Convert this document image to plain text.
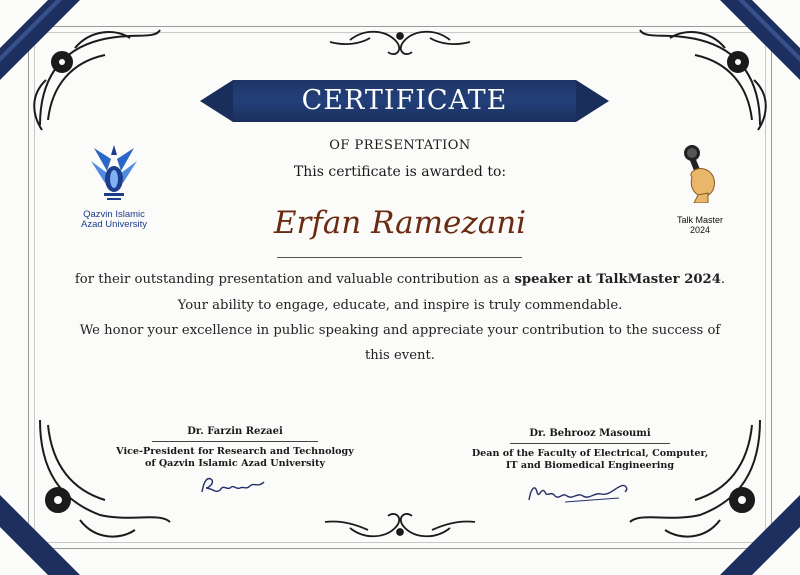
CERTIFICATE
OF PRESENTATION
This certificate is awarded to:
Erfan Ramezani
for their outstanding presentation and valuable contribution as a speaker at TalkMaster 2024.
Your ability to engage, educate, and inspire is truly commendable.
We honor your excellence in public speaking and appreciate your contribution to the success of
this event.
Qazvin Islamic
Azad University	Talk Master
2024
Dr. Farzin Rezaei
Vice-President for Research and Technology
of Qazvin Islamic Azad University
Dr. Behrooz Masoumi
Dean of the Faculty of Electrical, Computer,
IT and Biomedical Engineering
